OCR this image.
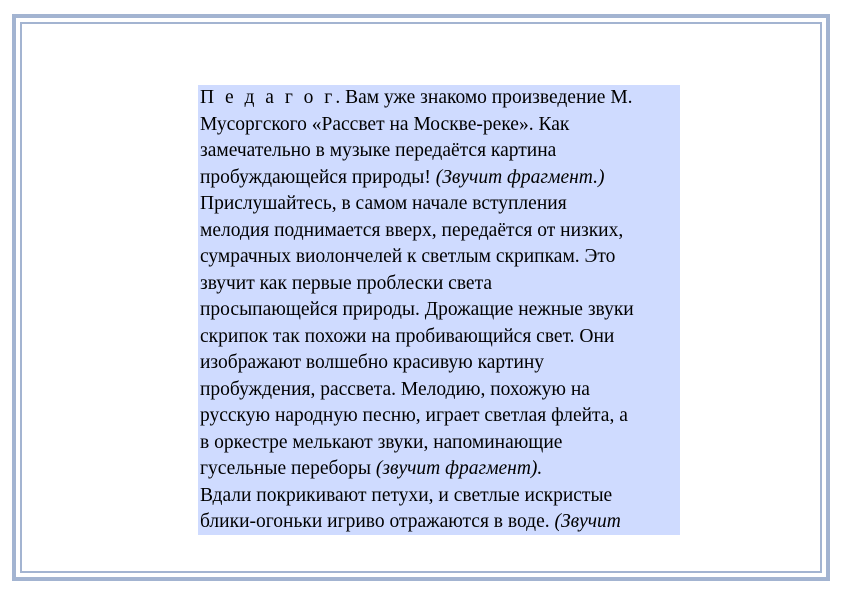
П е д а г о г. Вам уже знакомо произведение М.
Мусоргского «Рассвет на Москве-реке». Как
замечательно в музыке передаётся картина
пробуждающейся природы! (Звучит фрагмент.)
Прислушайтесь, в самом начале вступления
мелодия поднимается вверх, передаётся от низких,
сумрачных виолончелей к светлым скрипкам. Это
звучит как первые проблески света
просыпающейся природы. Дрожащие нежные звуки
скрипок так похожи на пробивающийся свет. Они
изображают волшебно красивую картину
пробуждения, рассвета. Мелодию, похожую на
русскую народную песню, играет светлая флейта, а
в оркестре мелькают звуки, напоминающие
гусельные переборы (звучит фрагмент).
Вдали покрикивают петухи, и светлые искристые
блики-огоньки игриво отражаются в воде. (Звучит
